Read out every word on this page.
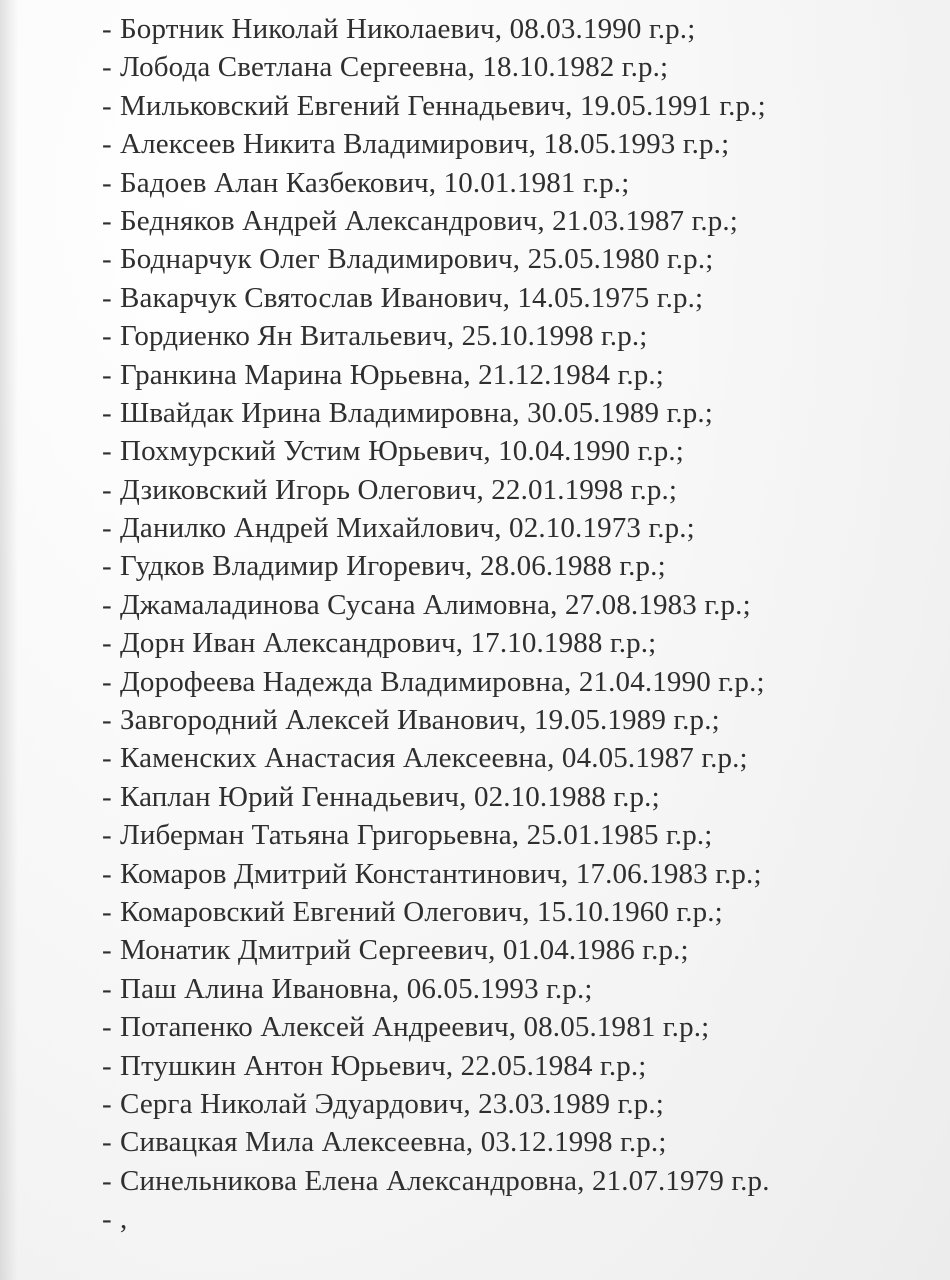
- Бортник Николай Николаевич, 08.03.1990 г.р.;
- Лобода Светлана Сергеевна, 18.10.1982 г.р.;
- Мильковский Евгений Геннадьевич, 19.05.1991 г.р.;
- Алексеев Никита Владимирович, 18.05.1993 г.р.;
- Бадоев Алан Казбекович, 10.01.1981 г.р.;
- Бедняков Андрей Александрович, 21.03.1987 г.р.;
- Боднарчук Олег Владимирович, 25.05.1980 г.р.;
- Вакарчук Святослав Иванович, 14.05.1975 г.р.;
- Гордиенко Ян Витальевич, 25.10.1998 г.р.;
- Гранкина Марина Юрьевна, 21.12.1984 г.р.;
- Швайдак Ирина Владимировна, 30.05.1989 г.р.;
- Похмурский Устим Юрьевич, 10.04.1990 г.р.;
- Дзиковский Игорь Олегович, 22.01.1998 г.р.;
- Данилко Андрей Михайлович, 02.10.1973 г.р.;
- Гудков Владимир Игоревич, 28.06.1988 г.р.;
- Джамаладинова Сусана Алимовна, 27.08.1983 г.р.;
- Дорн Иван Александрович, 17.10.1988 г.р.;
- Дорофеева Надежда Владимировна, 21.04.1990 г.р.;
- Завгородний Алексей Иванович, 19.05.1989 г.р.;
- Каменских Анастасия Алексеевна, 04.05.1987 г.р.;
- Каплан Юрий Геннадьевич, 02.10.1988 г.р.;
- Либерман Татьяна Григорьевна, 25.01.1985 г.р.;
- Комаров Дмитрий Константинович, 17.06.1983 г.р.;
- Комаровский Евгений Олегович, 15.10.1960 г.р.;
- Монатик Дмитрий Сергеевич, 01.04.1986 г.р.;
- Паш Алина Ивановна, 06.05.1993 г.р.;
- Потапенко Алексей Андреевич, 08.05.1981 г.р.;
- Птушкин Антон Юрьевич, 22.05.1984 г.р.;
- Серга Николай Эдуардович, 23.03.1989 г.р.;
- Сивацкая Мила Алексеевна, 03.12.1998 г.р.;
- Синельникова Елена Александровна, 21.07.1979 г.р.
- ,
